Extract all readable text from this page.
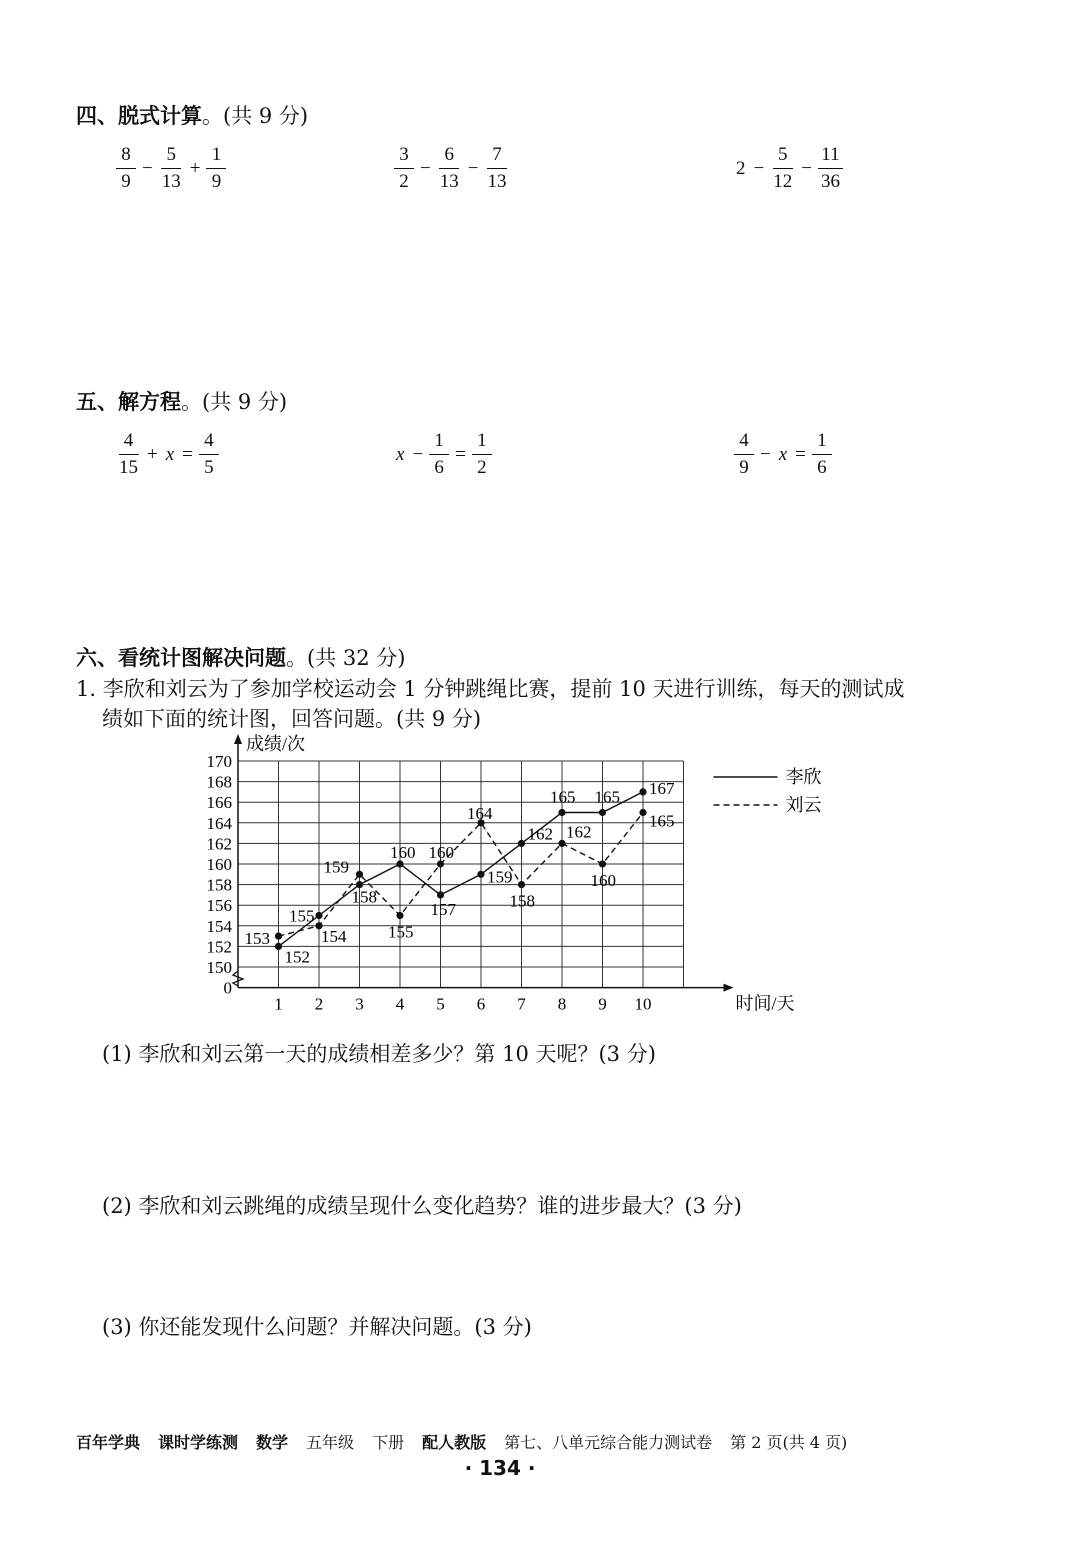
四、脱式计算。(共 9 分)
$\frac{8}{9} - \frac{5}{13} + \frac{1}{9}$	$\frac{3}{2} - \frac{6}{13} - \frac{7}{13}$	$2 - \frac{5}{12} - \frac{11}{36}$
五、解方程。(共 9 分)
$\frac{4}{15} + x = \frac{4}{5}$	$x - \frac{1}{6} = \frac{1}{2}$	$\frac{4}{9} - x = \frac{1}{6}$
六、看统计图解决问题。(共 32 分)
1. 李欣和刘云为了参加学校运动会 1 分钟跳绳比赛，提前 10 天进行训练，每天的测试成
绩如下面的统计图，回答问题。(共 9 分)
0
150
152
154
156
158
160
162
164
166
168
170
1 2 3 4 5 6 7 8 9 10
成绩/次
时间/天
152
155
158
160
157
159
162
165 165 167
153	154
159
155
160
164
158
162
160
165
李欣
刘云
(1) 李欣和刘云第一天的成绩相差多少？第 10 天呢？(3 分)
(2) 李欣和刘云跳绳的成绩呈现什么变化趋势？谁的进步最大？(3 分)
(3) 你还能发现什么问题？并解决问题。(3 分)
百年学典 课时学练测 数学 五年级 下册 配人教版 第七、八单元综合能力测试卷 第 2 页(共 4 页)
· 134 ·
